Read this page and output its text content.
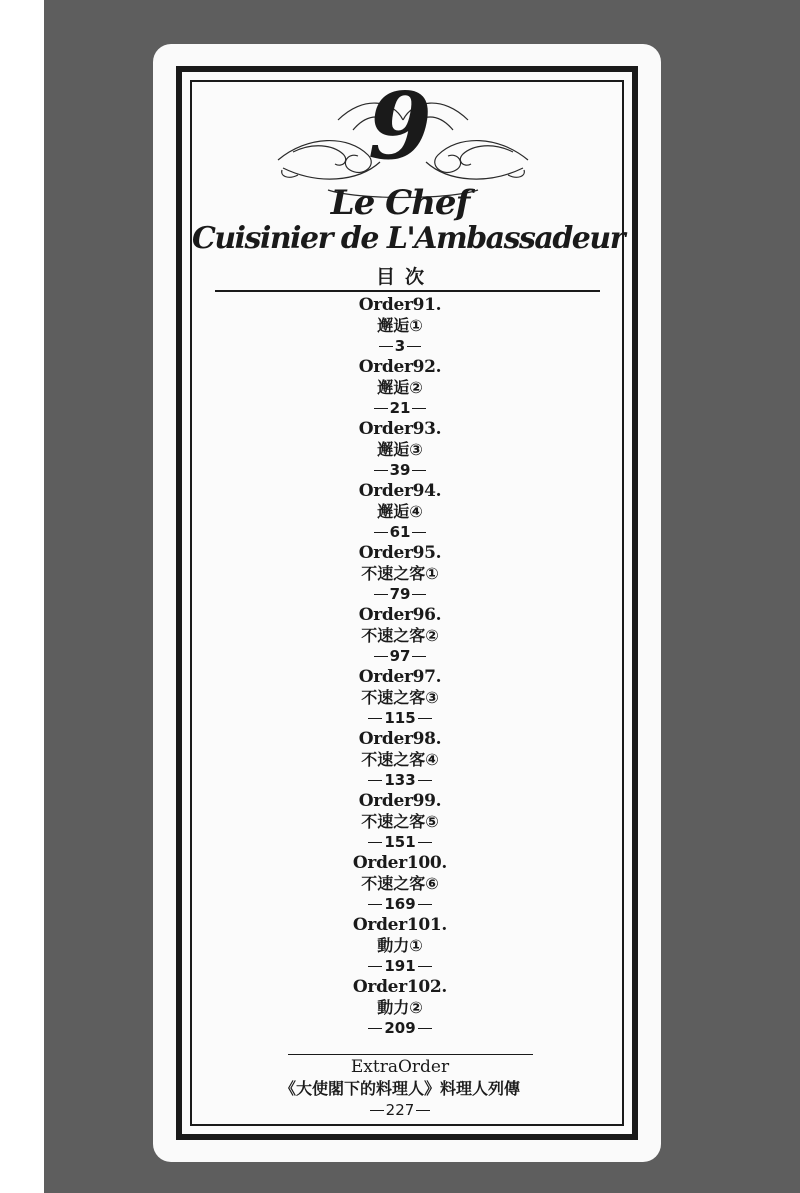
9
Le Chef
Cuisinier de L'Ambassadeur
目次
Order91.
邂逅①
3
Order92.
邂逅②
21
Order93.
邂逅③
39
Order94.
邂逅④
61
Order95.
不速之客①
79
Order96.
不速之客②
97
Order97.
不速之客③
115
Order98.
不速之客④
133
Order99.
不速之客⑤
151
Order100.
不速之客⑥
169
Order101.
動力①
191
Order102.
動力②
209
ExtraOrder
《大使閣下的料理人》料理人列傳
227
